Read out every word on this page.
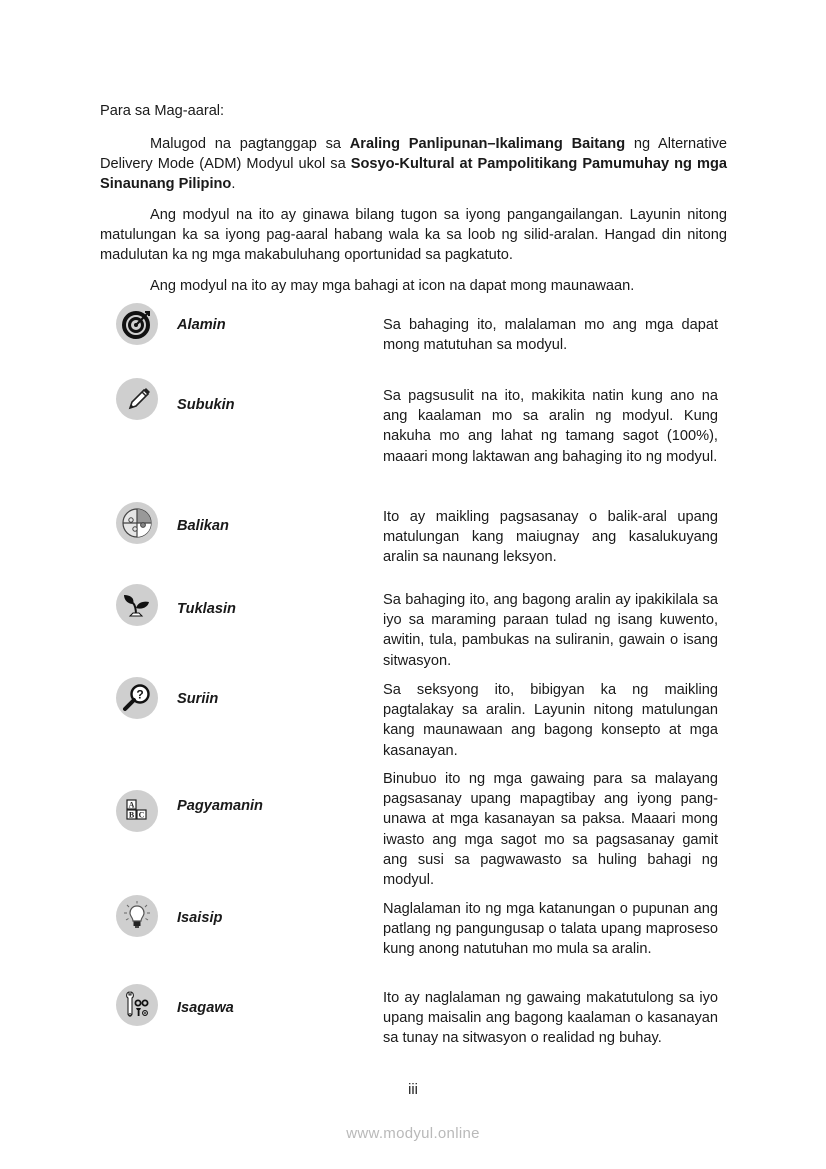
Para sa Mag-aaral:
Malugod na pagtanggap sa Araling Panlipunan–Ikalimang Baitang ng Alternative Delivery Mode (ADM) Modyul ukol sa Sosyo-Kultural at Pampolitikang Pamumuhay ng mga Sinaunang Pilipino.
Ang modyul na ito ay ginawa bilang tugon sa iyong pangangailangan. Layunin nitong matulungan ka sa iyong pag-aaral habang wala ka sa loob ng silid-aralan. Hangad din nitong madulutan ka ng mga makabuluhang oportunidad sa pagkatuto.
Ang modyul na ito ay may mga bahagi at icon na dapat mong maunawaan.
Alamin	Sa bahaging ito, malalaman mo ang mga dapat mong matutuhan sa modyul.
Subukin
Sa pagsusulit na ito, makikita natin kung ano na ang kaalaman mo sa aralin ng modyul. Kung nakuha mo ang lahat ng tamang sagot (100%), maaari mong laktawan ang bahaging ito ng modyul.
Balikan
Ito ay maikling pagsasanay o balik-aral upang matulungan kang maiugnay ang kasalukuyang aralin sa naunang leksyon.
Tuklasin
Sa bahaging ito, ang bagong aralin ay ipakikilala sa iyo sa maraming paraan tulad ng isang kuwento, awitin, tula, pambukas na suliranin, gawain o isang sitwasyon.
? Suriin
Sa seksyong ito, bibigyan ka ng maikling pagtalakay sa aralin. Layunin nitong matulungan kang maunawaan ang bagong konsepto at mga kasanayan.
A
B C
Pagyamanin
Binubuo ito ng mga gawaing para sa malayang pagsasanay upang mapagtibay ang iyong pang-unawa at mga kasanayan sa paksa. Maaari mong iwasto ang mga sagot mo sa pagsasanay gamit ang susi sa pagwawasto sa huling bahagi ng modyul.
Isaisip
Naglalaman ito ng mga katanungan o pupunan ang patlang ng pangungusap o talata upang maproseso kung anong natutuhan mo mula sa aralin.
Isagawa
Ito ay naglalaman ng gawaing makatutulong sa iyo upang maisalin ang bagong kaalaman o kasanayan sa tunay na sitwasyon o realidad ng buhay.
iii
www.modyul.online
